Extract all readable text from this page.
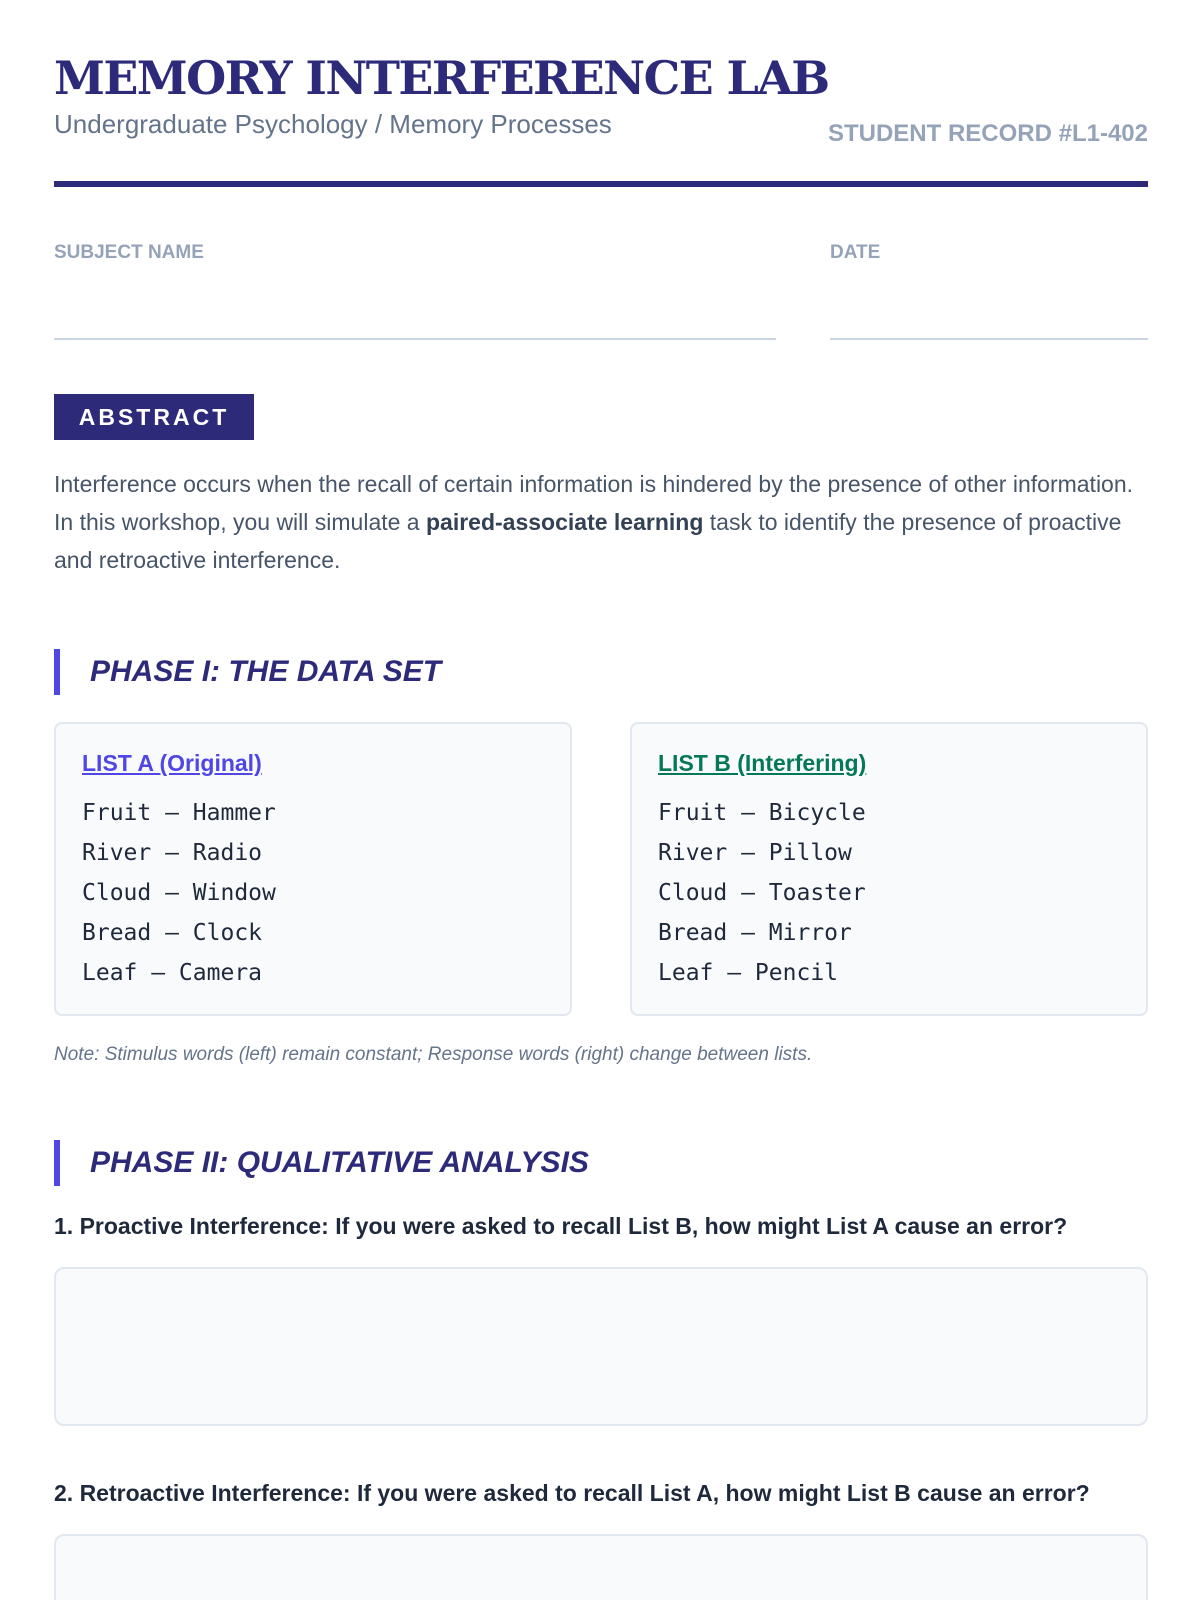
MEMORY INTERFERENCE LAB
Undergraduate Psychology / Memory Processes	STUDENT RECORD #L1-402
SUBJECT NAME	DATE
ABSTRACT
Interference occurs when the recall of certain information is hindered by the presence of other information. In this workshop, you will simulate a paired-associate learning task to identify the presence of proactive and retroactive interference.
PHASE I: THE DATA SET
LIST A (Original)
Fruit — Hammer
River — Radio
Cloud — Window
Bread — Clock
Leaf — Camera
LIST B (Interfering)
Fruit — Bicycle
River — Pillow
Cloud — Toaster
Bread — Mirror
Leaf — Pencil
Note: Stimulus words (left) remain constant; Response words (right) change between lists.
PHASE II: QUALITATIVE ANALYSIS
1. Proactive Interference: If you were asked to recall List B, how might List A cause an error?
2. Retroactive Interference: If you were asked to recall List A, how might List B cause an error?
